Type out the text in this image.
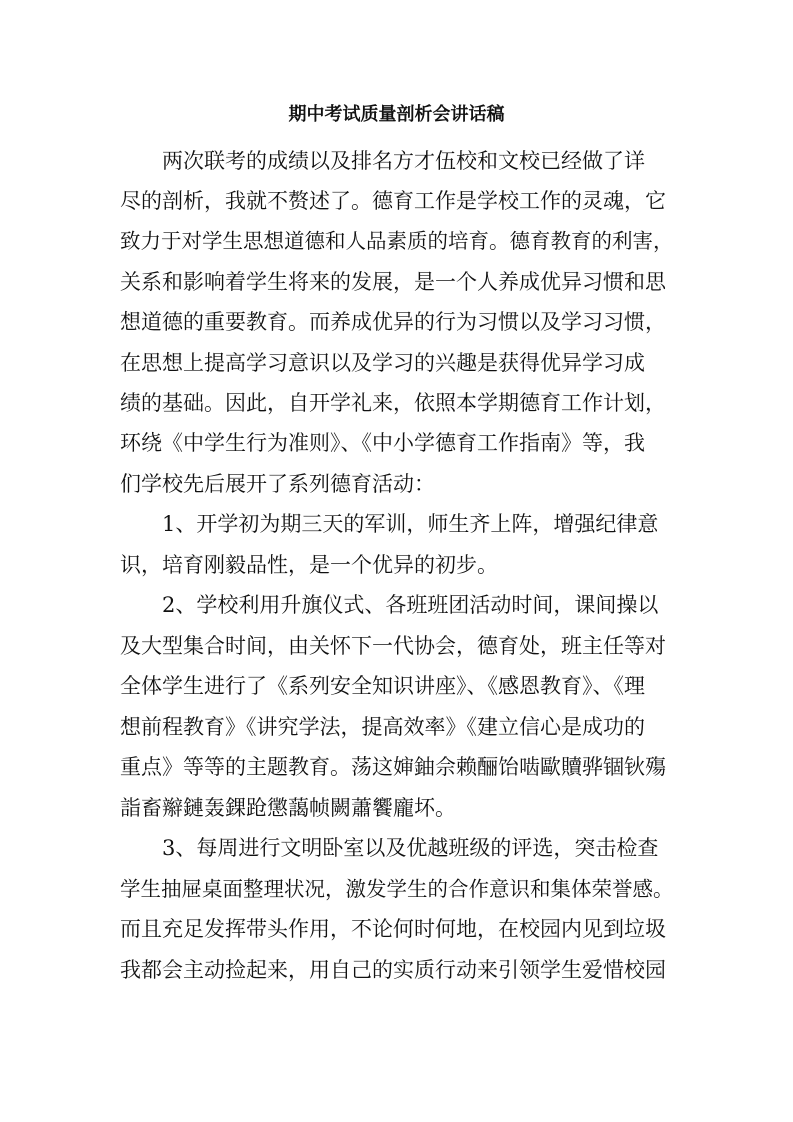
期中考试质量剖析会讲话稿

两次联考的成绩以及排名方才伍校和文校已经做了详

尽的剖析，我就不赘述了。德育工作是学校工作的灵魂，它

致力于对学生思想道德和人品素质的培育。德育教育的利害，

关系和影响着学生将来的发展，是一个人养成优异习惯和思

想道德的重要教育。而养成优异的行为习惯以及学习习惯，

在思想上提高学习意识以及学习的兴趣是获得优异学习成

绩的基础。因此，自开学礼来，依照本学期德育工作计划，

环绕《中学生行为准则》、《中小学德育工作指南》等，我

们学校先后展开了系列德育活动：

1、开学初为期三天的军训，师生齐上阵，增强纪律意

识，培育刚毅品性，是一个优异的初步。

2、学校利用升旗仪式、各班班团活动时间，课间操以

及大型集合时间，由关怀下一代协会，德育处，班主任等对

全体学生进行了《系列安全知识讲座》、《感恩教育》、《理

想前程教育》《讲究学法，提高效率》《建立信心是成功的

重点》等等的主题教育。荡这婶鈾佘赖酾饴啮歐贖骅锢钬殤

詣畜辮鏈轰錁跄懲藹帧闕蕭饗龐坏。

3、每周进行文明卧室以及优越班级的评选，突击检查

学生抽屉桌面整理状况，激发学生的合作意识和集体荣誉感。

而且充足发挥带头作用，不论何时何地，在校园内见到垃圾

我都会主动捡起来，用自己的实质行动来引领学生爱惜校园
